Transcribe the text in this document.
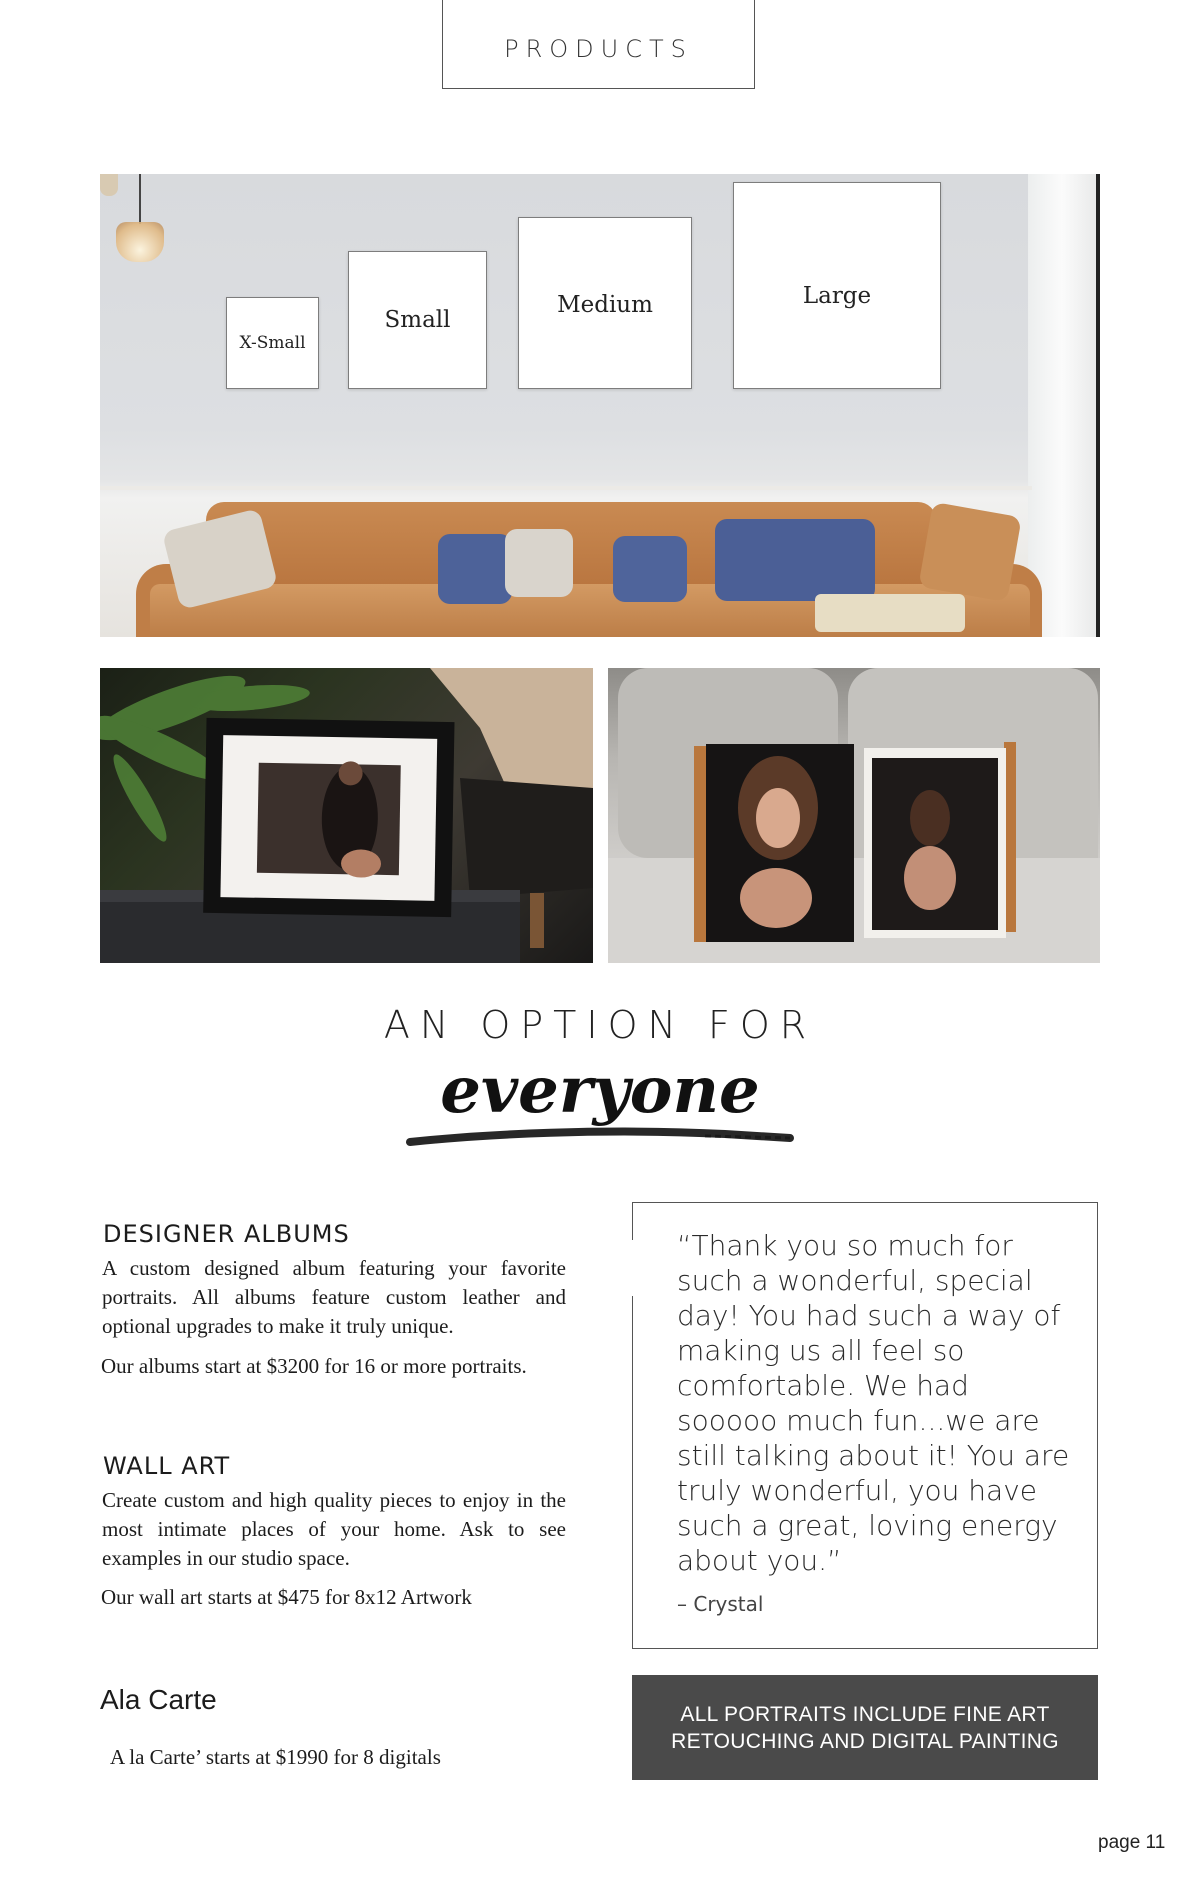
PRODUCTS
X-Small
Small
Medium	Large
AN OPTION FOR
everyone
DESIGNER ALBUMS
A custom designed album featuring your favorite portraits. All albums feature custom leather and optional upgrades to make it truly unique.
Our albums start at $3200 for 16 or more portraits.
WALL ART
Create custom and high quality pieces to enjoy in the most intimate places of your home. Ask to see examples in our studio space.
Our wall art starts at $475 for 8x12 Artwork
Ala Carte
A la Carte’ starts at $1990 for 8 digitals
“Thank you so much for such a wonderful, special day! You had such a way of making us all feel so comfortable. We had sooooo much fun...we are still talking about it! You are truly wonderful, you have such a great, loving energy about you.”
– Crystal
ALL PORTRAITS INCLUDE FINE ART
RETOUCHING AND DIGITAL PAINTING
page 11
